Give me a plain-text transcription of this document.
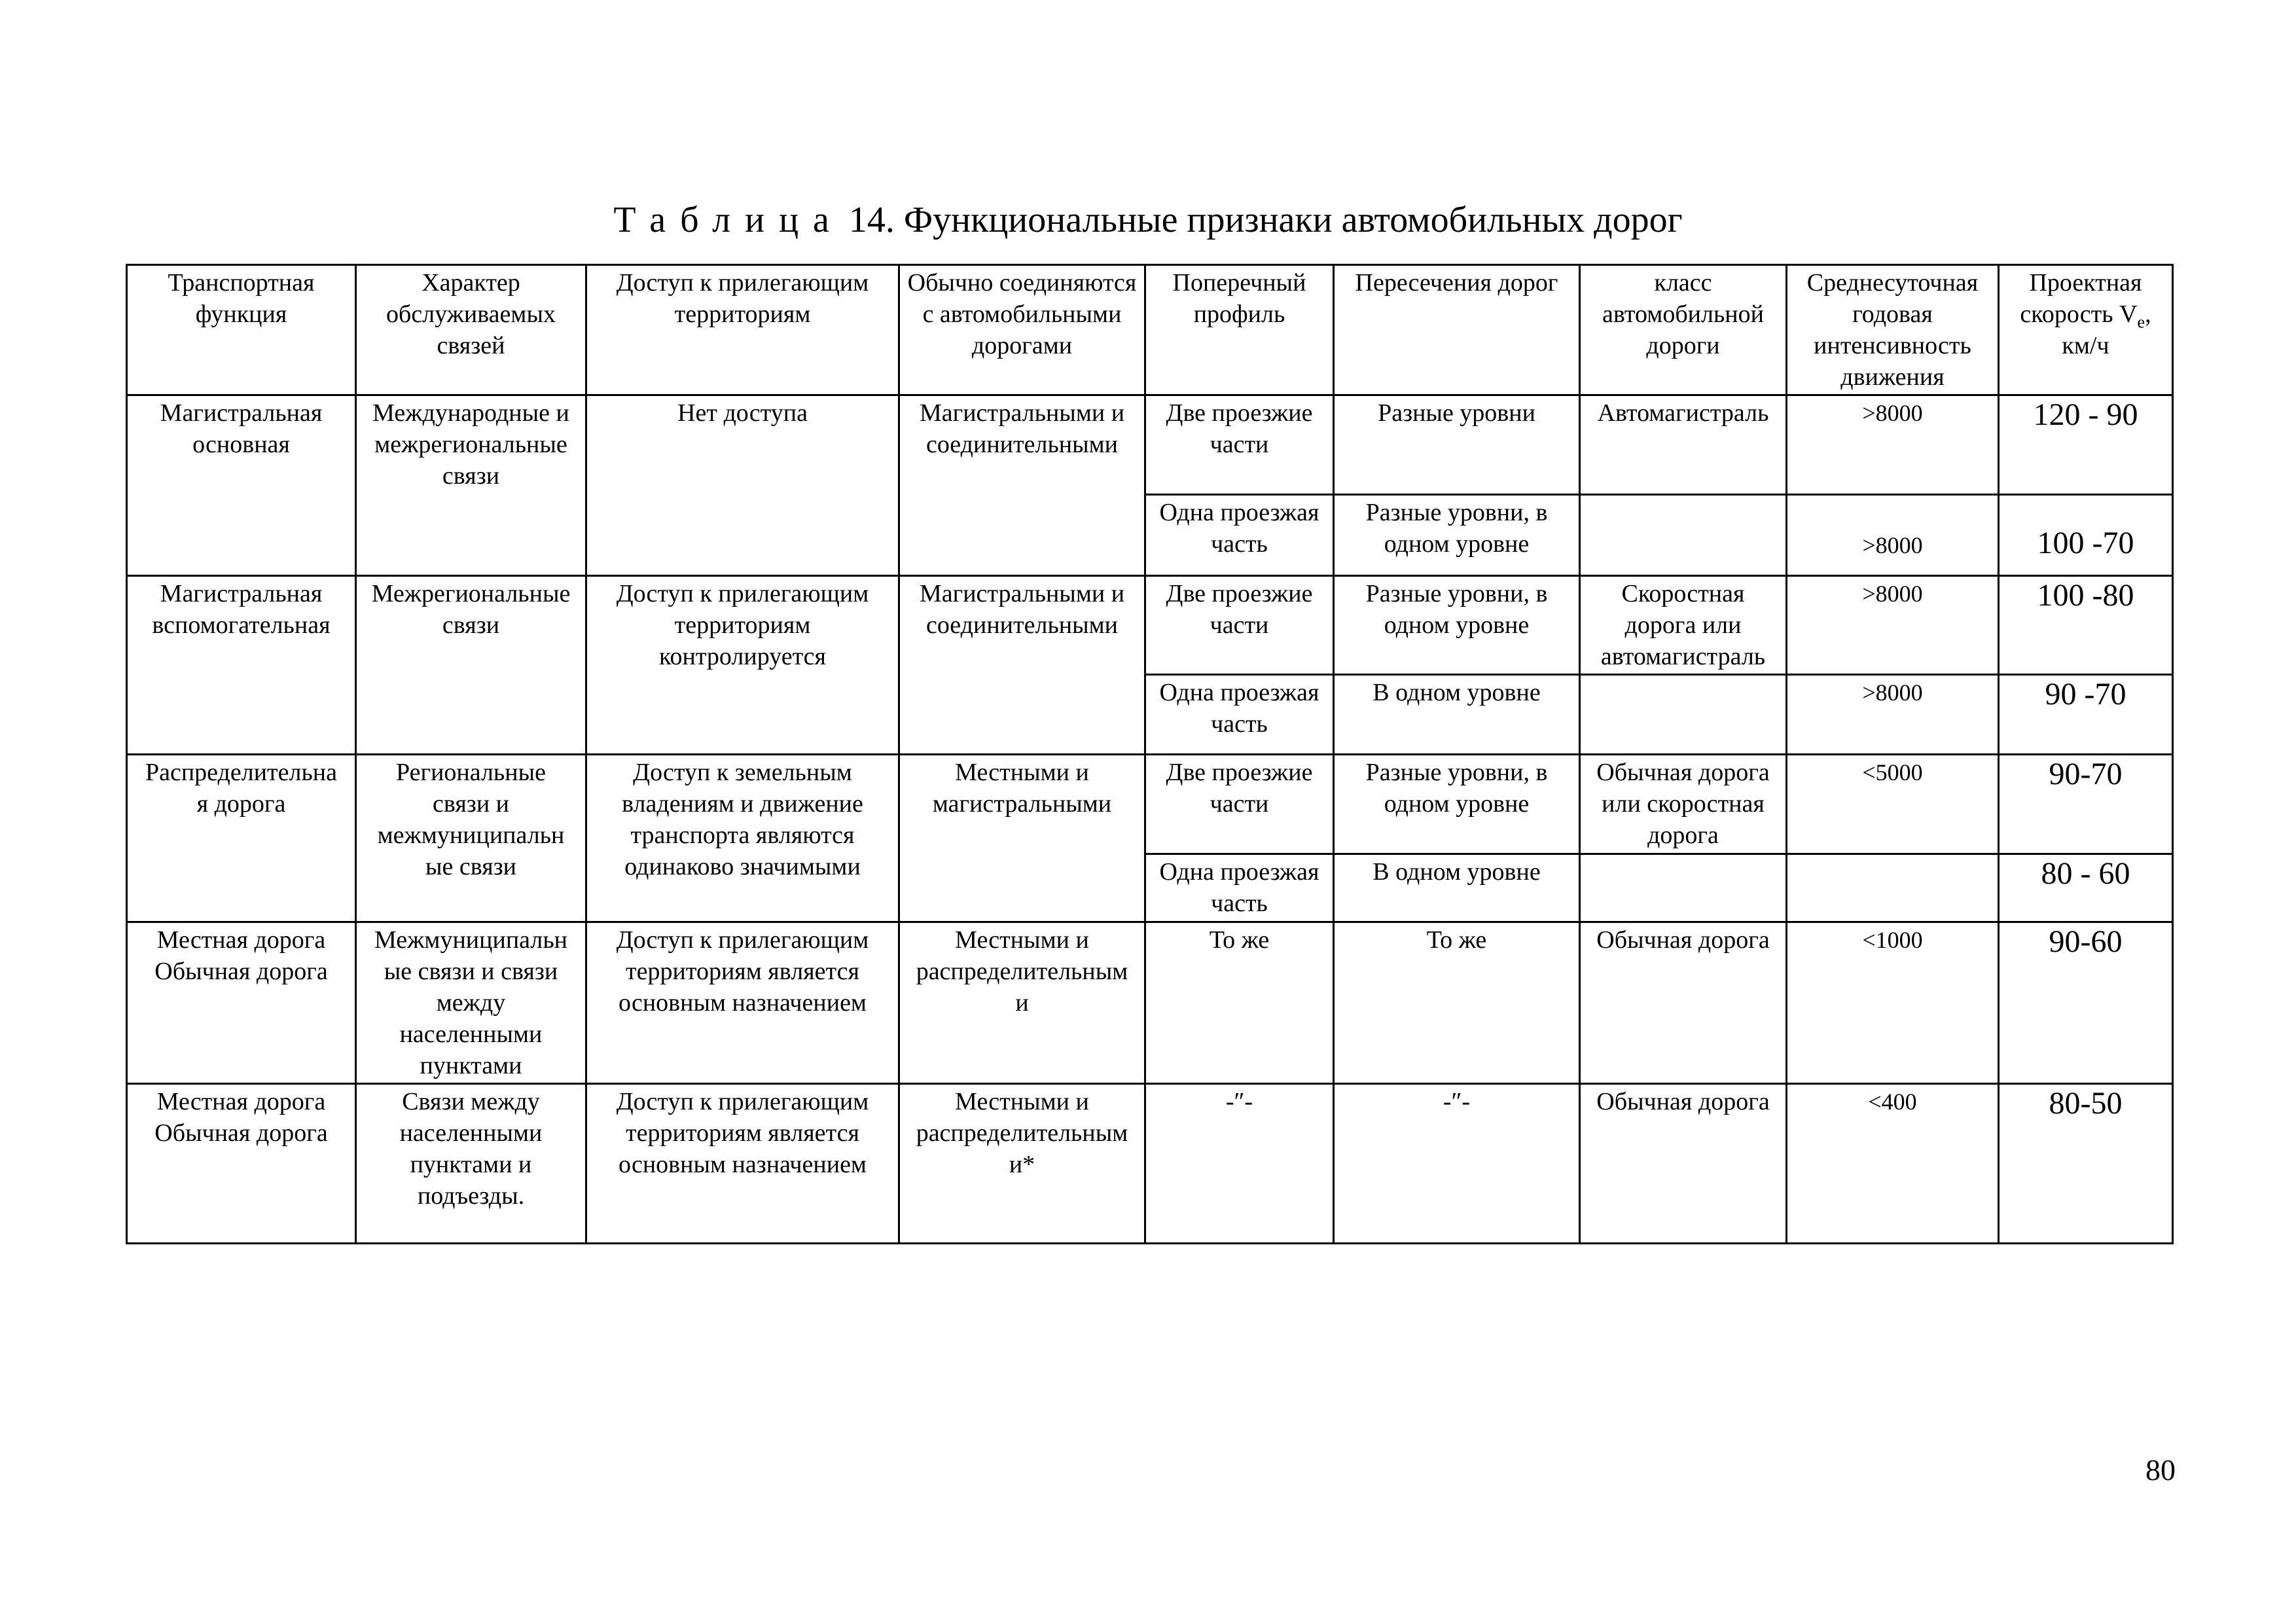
Таблица 14. Функциональные признаки автомобильных дорог
Транспортная функция	Характер обслуживаемых связей	Доступ к прилегающим территориям	Обычно соединяются с автомобильными дорогами	Поперечный профиль	Пересечения дорог	класс автомобильной дороги	Среднесуточная годовая интенсивность движения	Проектная скорость $V_e$, км/ч
Магистральная
основная	Международные и
межрегиональные
связи	Нет доступа	Магистральными и
соединительными	Две проезжие
части	Разные уровни	Автомагистраль	>8000	120 - 90
				Одна проезжая
часть	Разные уровни, в
одном уровне		>8000	100 -70
Магистральная
вспомогательная	Межрегиональные
связи	Доступ к прилегающим
территориям
контролируется	Магистральными и
соединительными	Две проезжие
части	Разные уровни, в
одном уровне	Скоростная
дорога или
автомагистраль	>8000	100 -80
				Одна проезжая
часть	В одном уровне		>8000	90 -70
Распределительна
я дорога	Региональные
связи и
межмуниципальн
ые связи	Доступ к земельным
владениям и движение
транспорта являются
одинаково значимыми	Местными и
магистральными	Две проезжие
части	Разные уровни, в
одном уровне	Обычная дорога
или скоростная
дорога	<5000	90-70
				Одна проезжая
часть	В одном уровне			80 - 60
Местная дорога
Обычная дорога	Межмуниципальн
ые связи и связи
между
населенными
пунктами	Доступ к прилегающим
территориям является
основным назначением	Местными и
распределительным
и	То же	То же	Обычная дорога	<1000	90-60
Местная дорога
Обычная дорога	Связи между
населенными
пунктами и
подъезды.	Доступ к прилегающим
территориям является
основным назначением	Местными и
распределительным
и*	-″-	-″-	Обычная дорога	<400	80-50
80
